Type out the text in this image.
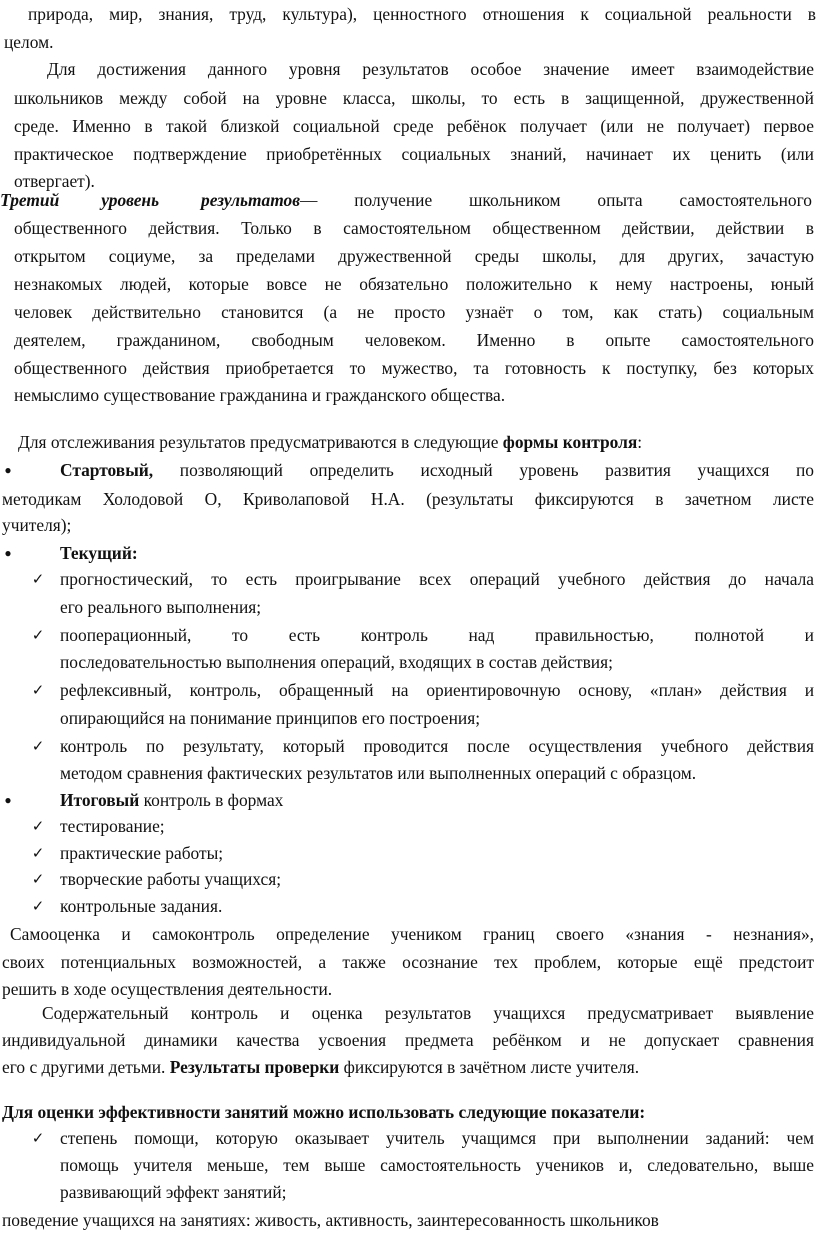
природа, мир, знания, труд, культура), ценностного отношения к социальной реальности в
целом.
Для достижения данного уровня результатов особое значение имеет взаимодействие
школьников между собой на уровне класса, школы, то есть в защищенной, дружественной
среде. Именно в такой близкой социальной среде ребёнок получает (или не получает) первое
практическое подтверждение приобретённых социальных знаний, начинает их ценить (или
отвергает).
Третий уровень результатов— получение школьником опыта самостоятельного
общественного действия. Только в самостоятельном общественном действии, действии в
открытом социуме, за пределами дружественной среды школы, для других, зачастую
незнакомых людей, которые вовсе не обязательно положительно к нему настроены, юный
человек действительно становится (а не просто узнаёт о том, как стать) социальным
деятелем, гражданином, свободным человеком. Именно в опыте самостоятельного
общественного действия приобретается то мужество, та готовность к поступку, без которых
немыслимо существование гражданина и гражданского общества.
Для отслеживания результатов предусматриваются в следующие формы контроля:
●	Стартовый, позволяющий определить исходный уровень развития учащихся по
методикам Холодовой О, Криволаповой Н.А. (результаты фиксируются в зачетном листе
учителя);
●	Текущий:
✓ прогностический, то есть проигрывание всех операций учебного действия до начала
его реального выполнения;
✓ пооперационный, то есть контроль над правильностью, полнотой и
последовательностью выполнения операций, входящих в состав действия;
✓ рефлексивный, контроль, обращенный на ориентировочную основу, «план» действия и
опирающийся на понимание принципов его построения;
✓ контроль по результату, который проводится после осуществления учебного действия
методом сравнения фактических результатов или выполненных операций с образцом.
●	Итоговый контроль в формах
✓ тестирование;
✓ практические работы;
✓ творческие работы учащихся;
✓ контрольные задания.
Самооценка и самоконтроль определение учеником границ своего «знания - незнания»,
своих потенциальных возможностей, а также осознание тех проблем, которые ещё предстоит
решить в ходе осуществления деятельности.
Содержательный контроль и оценка результатов учащихся предусматривает выявление
индивидуальной динамики качества усвоения предмета ребёнком и не допускает сравнения
его с другими детьми. Результаты проверки фиксируются в зачётном листе учителя.
Для оценки эффективности занятий можно использовать следующие показатели:
✓ степень помощи, которую оказывает учитель учащимся при выполнении заданий: чем
помощь учителя меньше, тем выше самостоятельность учеников и, следовательно, выше
развивающий эффект занятий;
поведение учащихся на занятиях: живость, активность, заинтересованность школьников
